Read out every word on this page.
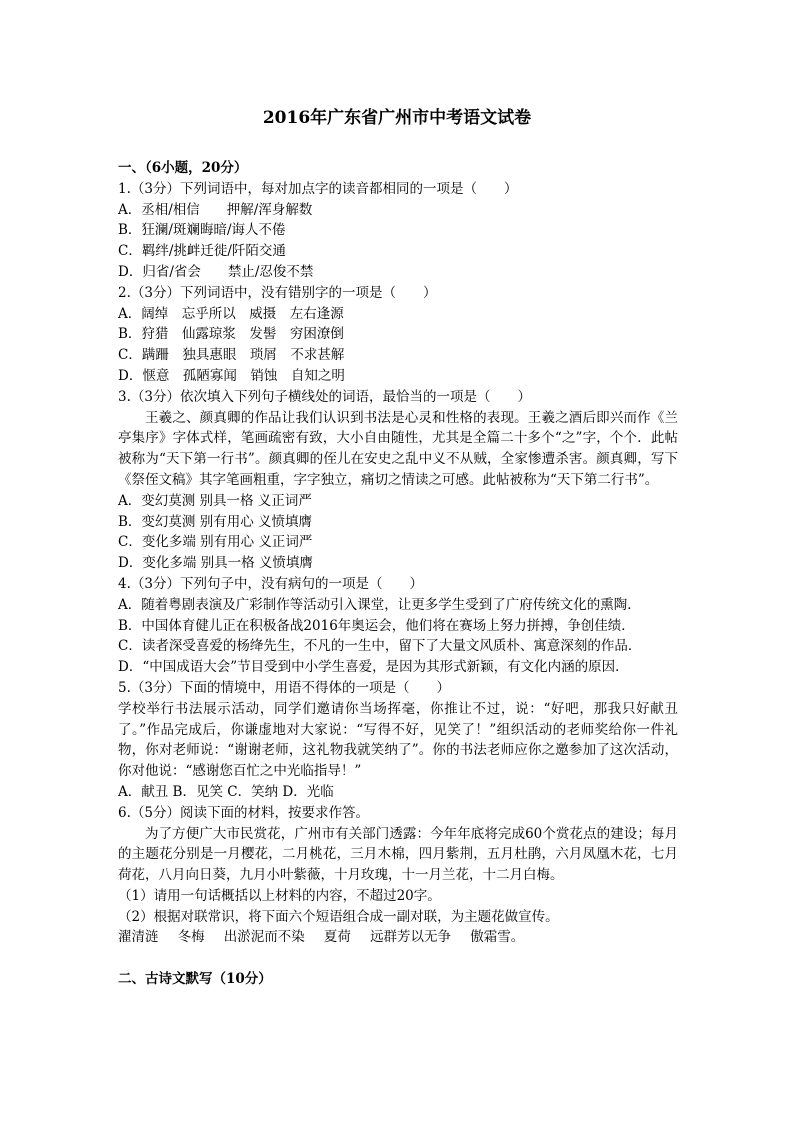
2016年广东省广州市中考语文试卷
一、（6小题，20分）
1.（3分）下列词语中，每对加点字的读音都相同的一项是（　　）
A．丞相/相信　　押解/浑身解数
B．狂澜/斑斓晦暗/诲人不倦
C．羁绊/挑衅迁徙/阡陌交通
D．归省/省会　　禁止/忍俊不禁
2.（3分）下列词语中，没有错别字的一项是（　　）
A．阔绰　忘乎所以　威摄　左右逢源
B．狩猎　仙露琼浆　发髻　穷困潦倒
C．蹒跚　独具惠眼　琐屑　不求甚解
D．惬意　孤陋寡闻　销蚀　自知之明
3.（3分）依次填入下列句子横线处的词语，最恰当的一项是（　　）
王羲之、颜真卿的作品让我们认识到书法是心灵和性格的表现。王羲之酒后即兴而作《兰亭集序》字体式样，笔画疏密有致，大小自由随性，尤其是全篇二十多个“之”字，个个．此帖被称为“天下第一行书”。颜真卿的侄儿在安史之乱中义不从贼，全家惨遭杀害。颜真卿，写下《祭侄文稿》其字笔画粗重，字字独立，痛切之情读之可感。此帖被称为“天下第二行书”。
A．变幻莫测 别具一格 义正词严
B．变幻莫测 别有用心 义愤填膺
C．变化多端 别有用心 义正词严
D．变化多端 别具一格 义愤填膺
4.（3分）下列句子中，没有病句的一项是（　　）
A．随着粤剧表演及广彩制作等活动引入课堂，让更多学生受到了广府传统文化的熏陶．
B．中国体育健儿正在积极备战2016年奥运会，他们将在赛场上努力拼搏，争创佳绩．
C．读者深受喜爱的杨绛先生，不凡的一生中，留下了大量文风质朴、寓意深刻的作品．
D．“中国成语大会”节目受到中小学生喜爱，是因为其形式新颖，有文化内涵的原因．
5.（3分）下面的情境中，用语不得体的一项是（　　）
学校举行书法展示活动，同学们邀请你当场挥毫，你推让不过，说：“好吧，那我只好献丑了。”作品完成后，你谦虚地对大家说：“写得不好，见笑了！”组织活动的老师奖给你一件礼物，你对老师说：“谢谢老师，这礼物我就笑纳了”。你的书法老师应你之邀参加了这次活动，你对他说：“感谢您百忙之中光临指导！”
A．献丑 B．见笑 C．笑纳 D．光临
6.（5分）阅读下面的材料，按要求作答。
为了方便广大市民赏花，广州市有关部门透露：今年年底将完成60个赏花点的建设；每月的主题花分别是一月樱花，二月桃花，三月木棉，四月紫荆，五月杜鹃，六月凤凰木花，七月荷花，八月向日葵，九月小叶紫薇，十月玫瑰，十一月兰花，十二月白梅。
（1）请用一句话概括以上材料的内容，不超过20字。
（2）根据对联常识，将下面六个短语组合成一副对联，为主题花做宣传。
濯清涟 冬梅 出淤泥而不染 夏荷 远群芳以无争 傲霜雪。
二、古诗文默写（10分）
